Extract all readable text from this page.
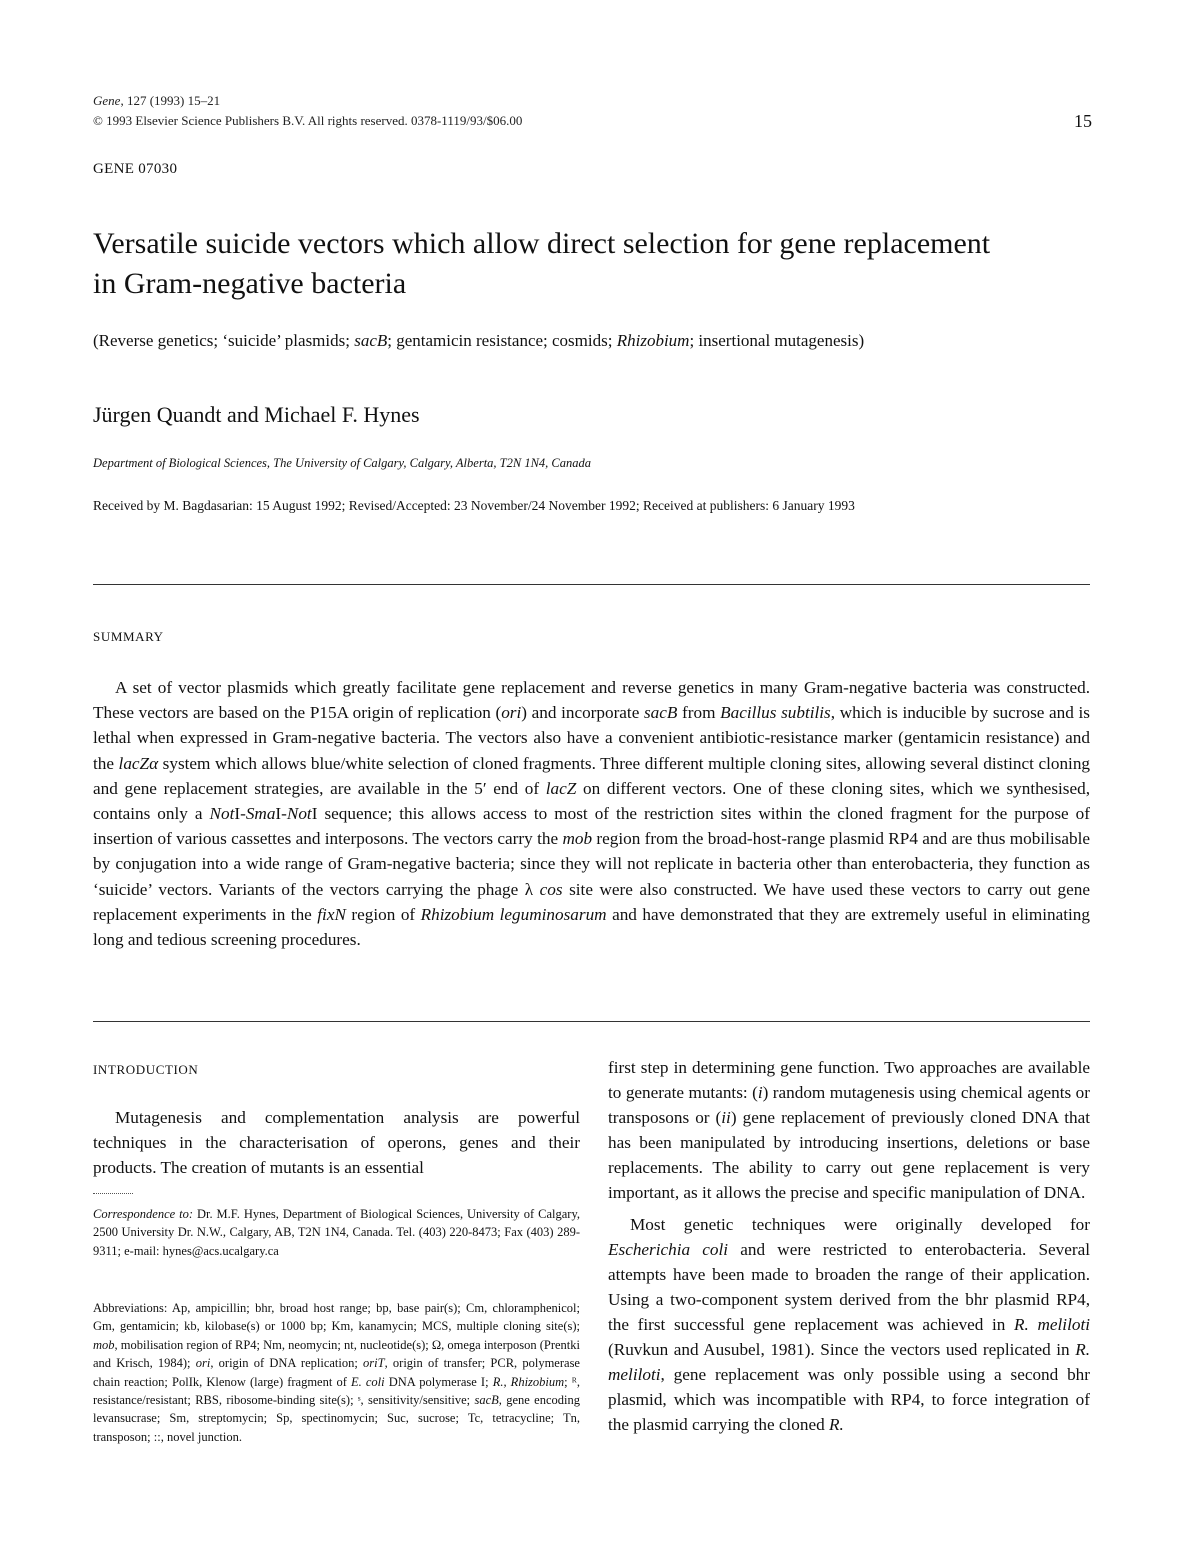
Gene, 127 (1993) 15–21
© 1993 Elsevier Science Publishers B.V. All rights reserved. 0378-1119/93/$06.00	15
GENE 07030
Versatile suicide vectors which allow direct selection for gene replacement
in Gram-negative bacteria
(Reverse genetics; ‘suicide’ plasmids; sacB; gentamicin resistance; cosmids; Rhizobium; insertional mutagenesis)
Jürgen Quandt and Michael F. Hynes
Department of Biological Sciences, The University of Calgary, Calgary, Alberta, T2N 1N4, Canada
Received by M. Bagdasarian: 15 August 1992; Revised/Accepted: 23 November/24 November 1992; Received at publishers: 6 January 1993
SUMMARY

A set of vector plasmids which greatly facilitate gene replacement and reverse genetics in many Gram-negative bacteria was constructed. These vectors are based on the P15A origin of replication (ori) and incorporate sacB from Bacillus subtilis, which is inducible by sucrose and is lethal when expressed in Gram-negative bacteria. The vectors also have a convenient antibiotic-resistance marker (gentamicin resistance) and the lacZα system which allows blue/white selection of cloned fragments. Three different multiple cloning sites, allowing several distinct cloning and gene replacement strategies, are available in the 5′ end of lacZ on different vectors. One of these cloning sites, which we synthesised, contains only a NotI-SmaI-NotI sequence; this allows access to most of the restriction sites within the cloned fragment for the purpose of insertion of various cassettes and interposons. The vectors carry the mob region from the broad-host-range plasmid RP4 and are thus mobilisable by conjugation into a wide range of Gram-negative bacteria; since they will not replicate in bacteria other than enterobacteria, they function as ‘suicide’ vectors. Variants of the vectors carrying the phage λ cos site were also constructed. We have used these vectors to carry out gene replacement experiments in the fixN region of Rhizobium leguminosarum and have demonstrated that they are extremely useful in eliminating long and tedious screening procedures.

INTRODUCTION

Mutagenesis and complementation analysis are powerful techniques in the characterisation of operons, genes and their products. The creation of mutants is an essential

Correspondence to: Dr. M.F. Hynes, Department of Biological Sciences, University of Calgary, 2500 University Dr. N.W., Calgary, AB, T2N 1N4, Canada. Tel. (403) 220-8473; Fax (403) 289-9311; e-mail: hynes@acs.ucalgary.ca

Abbreviations: Ap, ampicillin; bhr, broad host range; bp, base pair(s); Cm, chloramphenicol; Gm, gentamicin; kb, kilobase(s) or 1000 bp; Km, kanamycin; MCS, multiple cloning site(s); mob, mobilisation region of RP4; Nm, neomycin; nt, nucleotide(s); Ω, omega interposon (Prentki and Krisch, 1984); ori, origin of DNA replication; oriT, origin of transfer; PCR, polymerase chain reaction; PolIk, Klenow (large) fragment of E. coli DNA polymerase I; R., Rhizobium; ᴿ, resistance/resistant; RBS, ribosome-binding site(s); ˢ, sensitivity/sensitive; sacB, gene encoding levansucrase; Sm, streptomycin; Sp, spectinomycin; Suc, sucrose; Tc, tetracycline; Tn, transposon; ::, novel junction.

first step in determining gene function. Two approaches are available to generate mutants: (i) random mutagenesis using chemical agents or transposons or (ii) gene replacement of previously cloned DNA that has been manipulated by introducing insertions, deletions or base replacements. The ability to carry out gene replacement is very important, as it allows the precise and specific manipulation of DNA.

Most genetic techniques were originally developed for Escherichia coli and were restricted to enterobacteria. Several attempts have been made to broaden the range of their application. Using a two-component system derived from the bhr plasmid RP4, the first successful gene replacement was achieved in R. meliloti (Ruvkun and Ausubel, 1981). Since the vectors used replicated in R. meliloti, gene replacement was only possible using a second bhr plasmid, which was incompatible with RP4, to force integration of the plasmid carrying the cloned R.
